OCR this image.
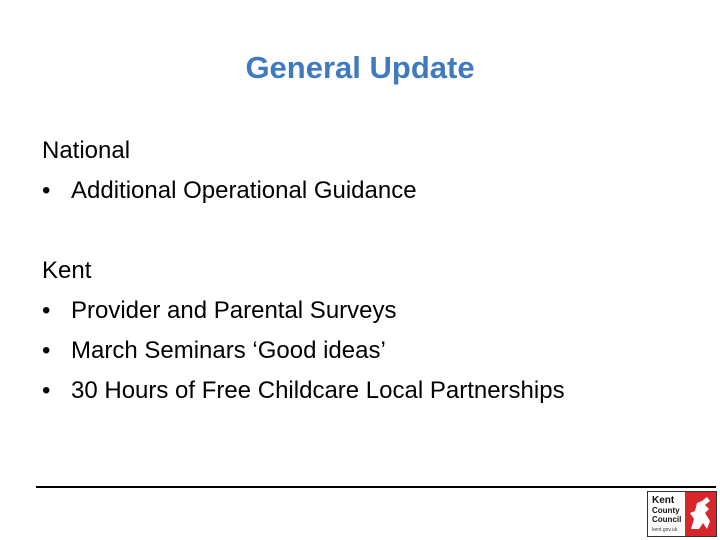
General Update

National

• Additional Operational Guidance

Kent

• Provider and Parental Surveys
• March Seminars ‘Good ideas’
• 30 Hours of Free Childcare Local Partnerships
Kent
County
Council
kent.gov.uk
